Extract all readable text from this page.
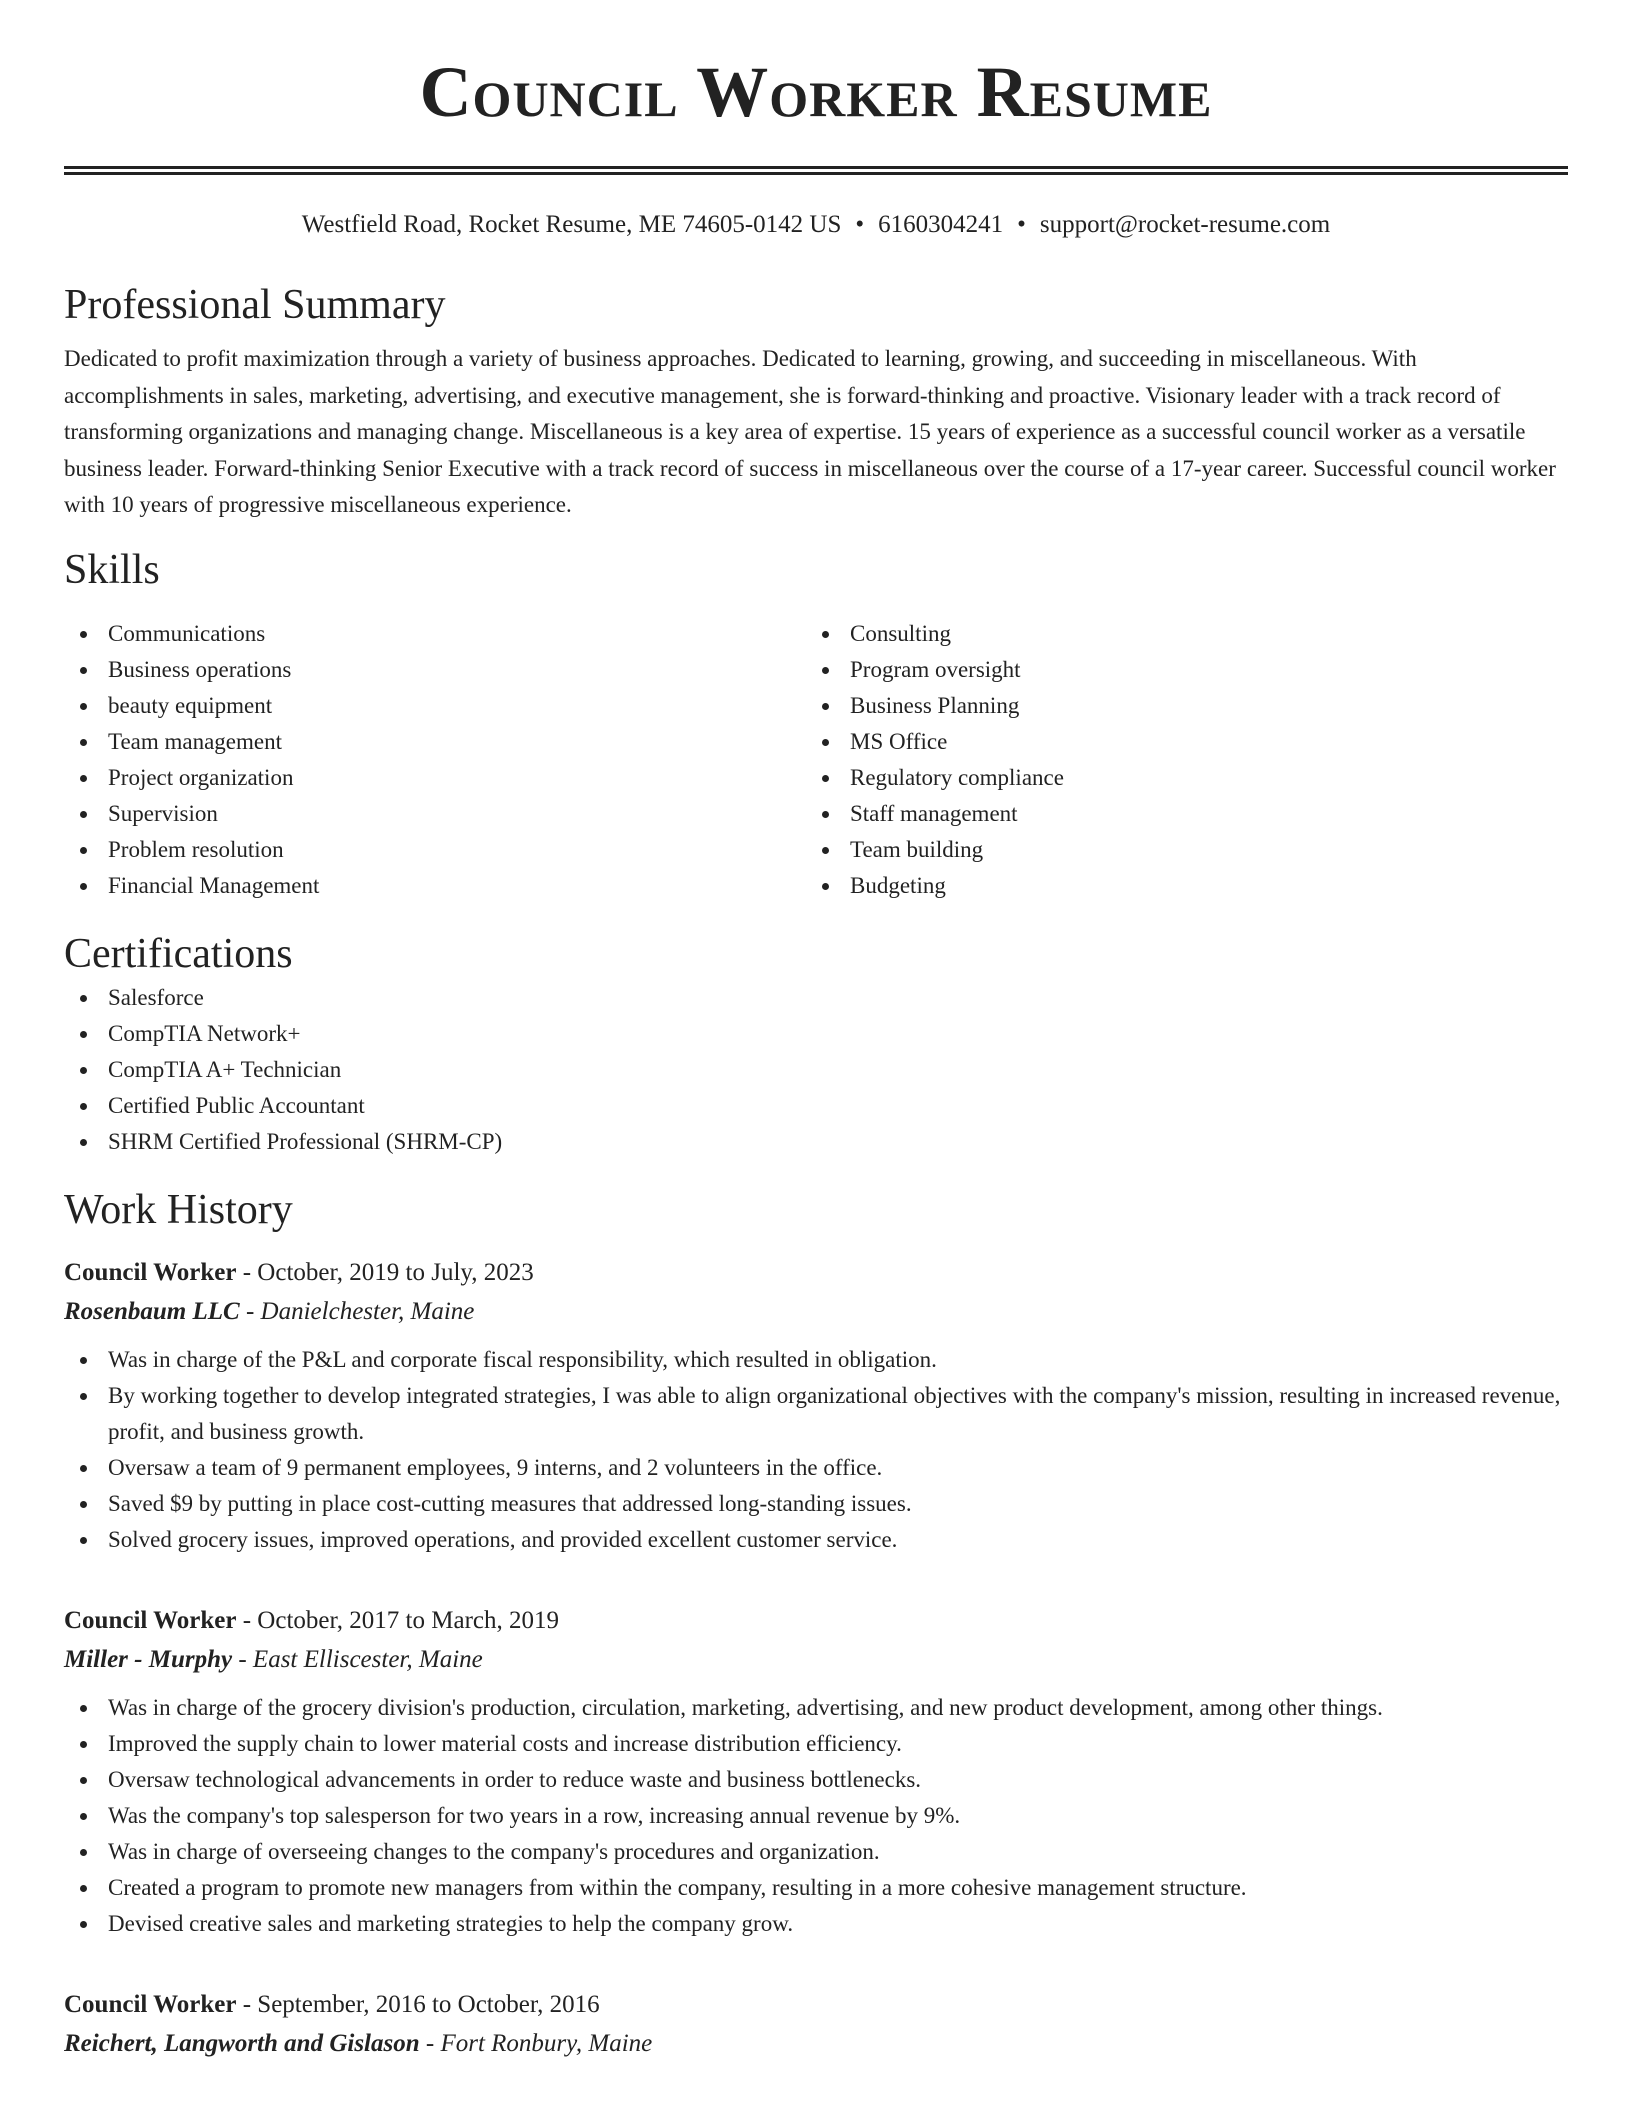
Council Worker Resume
Westfield Road, Rocket Resume, ME 74605-0142 US • 6160304241 • support@rocket-resume.com
Professional Summary

Dedicated to profit maximization through a variety of business approaches. Dedicated to learning, growing, and succeeding in miscellaneous. With accomplishments in sales, marketing, advertising, and executive management, she is forward-thinking and proactive. Visionary leader with a track record of transforming organizations and managing change. Miscellaneous is a key area of expertise. 15 years of experience as a successful council worker as a versatile business leader. Forward-thinking Senior Executive with a track record of success in miscellaneous over the course of a 17-year career. Successful council worker with 10 years of progressive miscellaneous experience.

Skills
Communications
Business operations
beauty equipment
Team management
Project organization
Supervision
Problem resolution
Financial Management
Consulting
Program oversight
Business Planning
MS Office
Regulatory compliance
Staff management
Team building
Budgeting
Certifications
Salesforce
CompTIA Network+
CompTIA A+ Technician
Certified Public Accountant
SHRM Certified Professional (SHRM-CP)
Work History
Council Worker - October, 2019 to July, 2023
Rosenbaum LLC - Danielchester, Maine
Was in charge of the P&L and corporate fiscal responsibility, which resulted in obligation.
By working together to develop integrated strategies, I was able to align organizational objectives with the company's mission, resulting in increased revenue, profit, and business growth.
Oversaw a team of 9 permanent employees, 9 interns, and 2 volunteers in the office.
Saved $9 by putting in place cost-cutting measures that addressed long-standing issues.
Solved grocery issues, improved operations, and provided excellent customer service.
Council Worker - October, 2017 to March, 2019
Miller - Murphy - East Elliscester, Maine
Was in charge of the grocery division's production, circulation, marketing, advertising, and new product development, among other things.
Improved the supply chain to lower material costs and increase distribution efficiency.
Oversaw technological advancements in order to reduce waste and business bottlenecks.
Was the company's top salesperson for two years in a row, increasing annual revenue by 9%.
Was in charge of overseeing changes to the company's procedures and organization.
Created a program to promote new managers from within the company, resulting in a more cohesive management structure.
Devised creative sales and marketing strategies to help the company grow.
Council Worker - September, 2016 to October, 2016
Reichert, Langworth and Gislason - Fort Ronbury, Maine
